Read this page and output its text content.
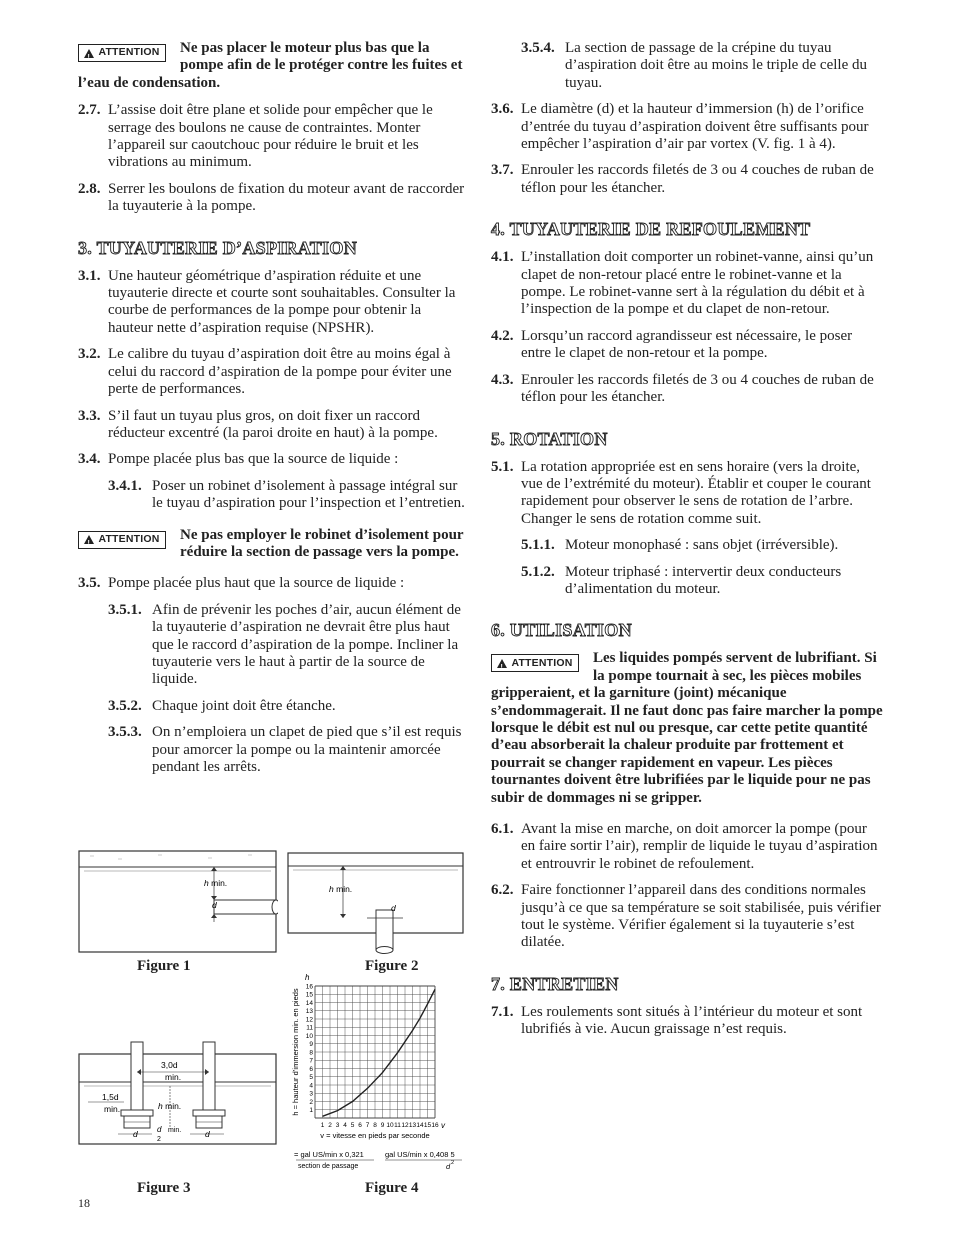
!
ATTENTION Ne pas placer le moteur plus bas que la pompe afin de le protéger contre les fuites et l’eau de condensation.
2.7. L’assise doit être plane et solide pour empêcher que le serrage des boulons ne cause de contraintes. Monter l’appareil sur caoutchouc pour réduire le bruit et les vibrations au minimum.
2.8. Serrer les boulons de fixation du moteur avant de raccorder la tuyauterie à la pompe.
3. TUYAUTERIE D’ASPIRATION
3.1. Une hauteur géométrique d’aspiration réduite et une tuyauterie directe et courte sont souhaitables. Consulter la courbe de performances de la pompe pour obtenir la hauteur nette d’aspiration requise (NPSHR).
3.2. Le calibre du tuyau d’aspiration doit être au moins égal à celui du raccord d’aspiration de la pompe pour éviter une perte de performances.
3.3. S’il faut un tuyau plus gros, on doit fixer un raccord réducteur excentré (la paroi droite en haut) à la pompe.
3.4. Pompe placée plus bas que la source de liquide :
3.4.1. Poser un robinet d’isolement à passage intégral sur le tuyau d’aspiration pour l’inspection et l’entretien.
!
ATTENTION Ne pas employer le robinet d’isolement pour réduire la section de passage vers la pompe.
3.5. Pompe placée plus haut que la source de liquide :
3.5.1. Afin de prévenir les poches d’air, aucun élément de la tuyauterie d’aspiration ne devrait être plus haut que le raccord d’aspiration de la pompe. Incliner la tuyauterie vers le haut à partir de la source de liquide.
3.5.2. Chaque joint doit être étanche.
3.5.3. On n’emploiera un clapet de pied que s’il est requis pour amorcer la pompe ou la maintenir amorcée pendant les arrêts.
3.5.4. La section de passage de la crépine du tuyau d’aspiration doit être au moins le triple de celle du tuyau.
3.6. Le diamètre (d) et la hauteur d’immersion (h) de l’orifice d’entrée du tuyau d’aspiration doivent être suffisants pour empêcher l’aspiration d’air par vortex (V. fig. 1 à 4).
3.7. Enrouler les raccords filetés de 3 ou 4 couches de ruban de téflon pour les étancher.
4. TUYAUTERIE DE REFOULEMENT
4.1. L’installation doit comporter un robinet-vanne, ainsi qu’un clapet de non-retour placé entre le robinet-vanne et la pompe. Le robinet-vanne sert à la régulation du débit et à l’inspection de la pompe et du clapet de non-retour.
4.2. Lorsqu’un raccord agrandisseur est nécessaire, le poser entre le clapet de non-retour et la pompe.
4.3. Enrouler les raccords filetés de 3 ou 4 couches de ruban de téflon pour les étancher.
5. ROTATION
5.1. La rotation appropriée est en sens horaire (vers la droite, vue de l’extrémité du moteur). Établir et couper le courant rapidement pour observer le sens de rotation de l’arbre. Changer le sens de rotation comme suit.
5.1.1. Moteur monophasé : sans objet (irréversible).
5.1.2. Moteur triphasé : intervertir deux conducteurs d’alimentation du moteur.
6. UTILISATION
!
ATTENTION Les liquides pompés servent de lubrifiant. Si la pompe tournait à sec, les pièces mobiles gripperaient, et la garniture (joint) mécanique s’endommagerait. Il ne faut donc pas faire marcher la pompe lorsque le débit est nul ou presque, car cette petite quantité d’eau absorberait la chaleur produite par frottement et pourrait se changer rapidement en vapeur. Les pièces tournantes doivent être lubrifiées par le liquide pour ne pas subir de dommages ni se gripper.
6.1. Avant la mise en marche, on doit amorcer la pompe (pour en faire sortir l’air), remplir de liquide le tuyau d’aspiration et entrouvrir le robinet de refoulement.
6.2. Faire fonctionner l’appareil dans des conditions normales jusqu’à ce que sa température se soit stabilisée, puis vérifier tout le système. Vérifier également si la tuyauterie s’est dilatée.
7. ENTRETIEN
7.1. Les roulements sont situés à l’intérieur du moteur et sont lubrifiés à vie. Aucun graissage n’est requis.
h min.
d
Figure 1
h min.
d
Figure 2
3,0d
min.
1,5d
min.	h min.
d d
2
min.	d
Figure 3
1 2 3 4 5 6 7 8 9 10 11 12 13 14 15 16
1
2
3
4
5
6
7
8
9
10
11
12
13
14
15
16
h
v
h = hauteur d’immersion min. en pieds
v = vitesse en pieds par seconde
= gal US/min x 0,321
section de passage
gal US/min x 0,408 5
d 2
Figure 4
18
